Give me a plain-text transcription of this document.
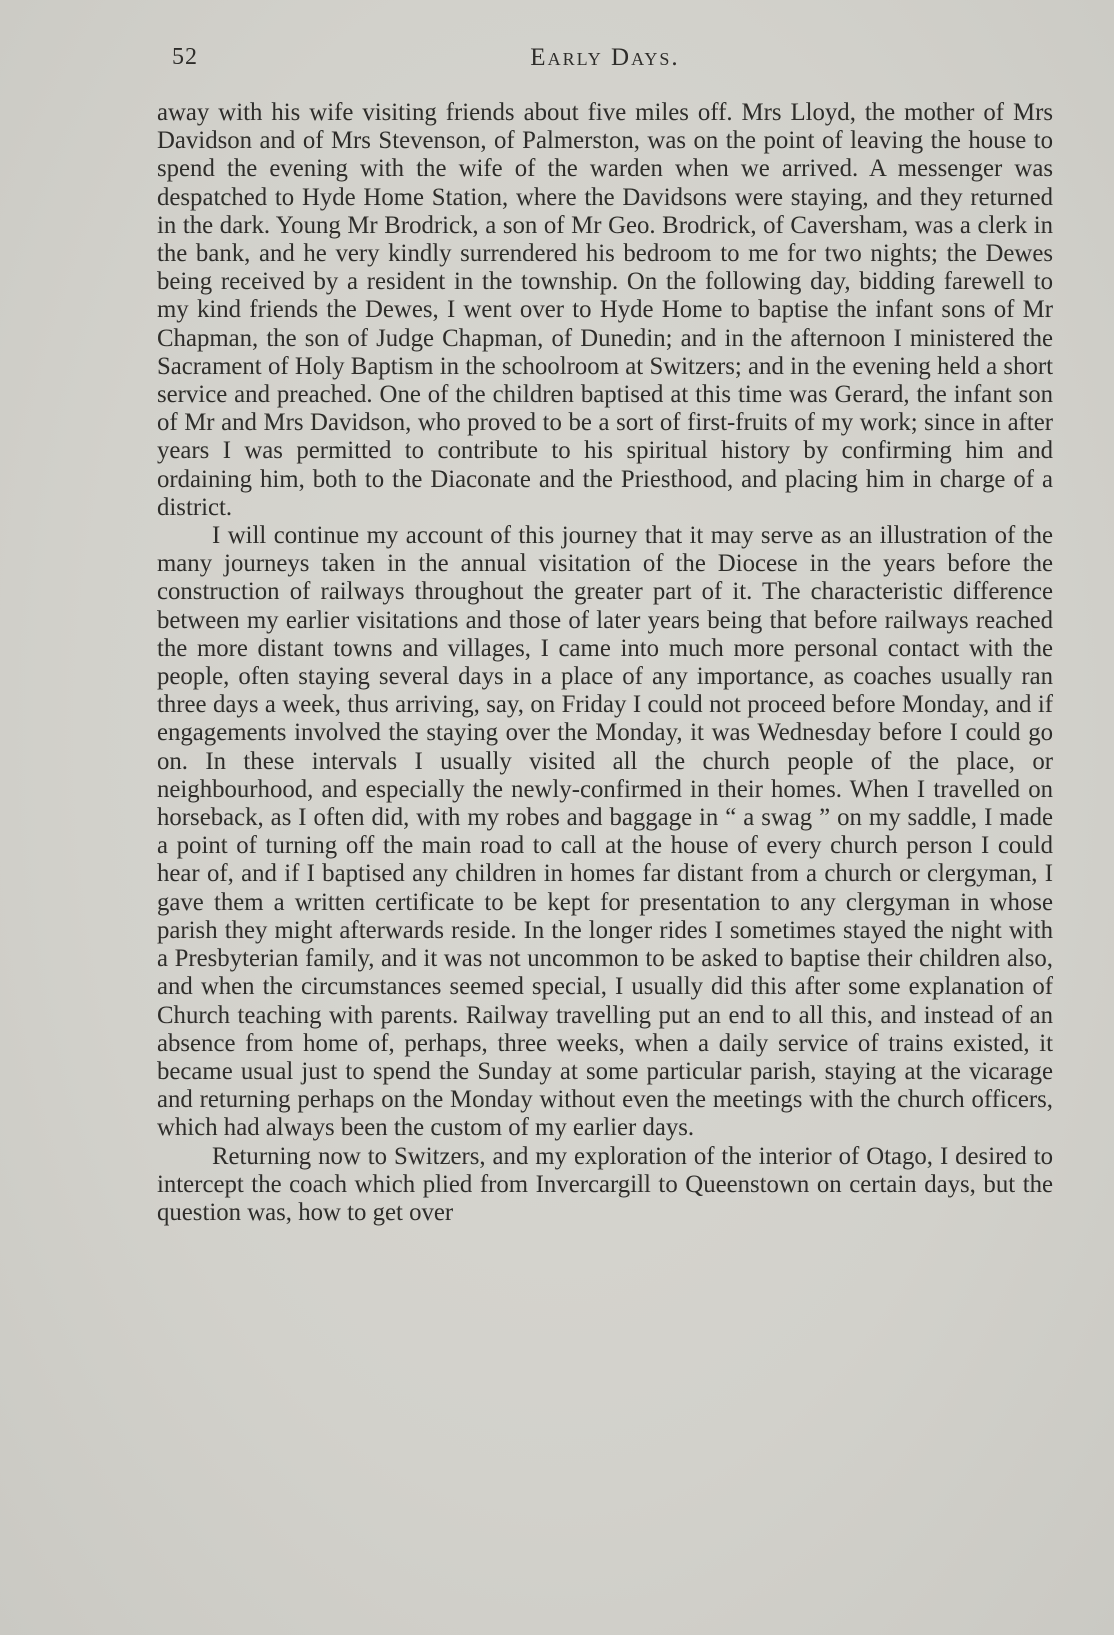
52	Early Days.

away with his wife visiting friends about five miles off. Mrs Lloyd, the mother of Mrs Davidson and of Mrs Stevenson, of Palmerston, was on the point of leaving the house to spend the evening with the wife of the warden when we arrived. A messenger was despatched to Hyde Home Station, where the Davidsons were staying, and they returned in the dark. Young Mr Brodrick, a son of Mr Geo. Brodrick, of Caversham, was a clerk in the bank, and he very kindly surrendered his bedroom to me for two nights; the Dewes being received by a resident in the township. On the following day, bidding farewell to my kind friends the Dewes, I went over to Hyde Home to baptise the infant sons of Mr Chapman, the son of Judge Chapman, of Dunedin; and in the afternoon I ministered the Sacrament of Holy Baptism in the schoolroom at Switzers; and in the evening held a short service and preached. One of the children baptised at this time was Gerard, the infant son of Mr and Mrs Davidson, who proved to be a sort of first-fruits of my work; since in after years I was permitted to contribute to his spiritual history by confirming him and ordaining him, both to the Diaconate and the Priesthood, and placing him in charge of a district.

I will continue my account of this journey that it may serve as an illustration of the many journeys taken in the annual visitation of the Diocese in the years before the construction of railways throughout the greater part of it. The characteristic difference between my earlier visitations and those of later years being that before railways reached the more distant towns and villages, I came into much more personal contact with the people, often staying several days in a place of any importance, as coaches usually ran three days a week, thus arriving, say, on Friday I could not proceed before Monday, and if engagements involved the staying over the Monday, it was Wednesday before I could go on. In these intervals I usually visited all the church people of the place, or neighbourhood, and especially the newly-confirmed in their homes. When I travelled on horseback, as I often did, with my robes and baggage in “ a swag ” on my saddle, I made a point of turning off the main road to call at the house of every church person I could hear of, and if I baptised any children in homes far distant from a church or clergyman, I gave them a written certificate to be kept for presentation to any clergyman in whose parish they might afterwards reside. In the longer rides I sometimes stayed the night with a Presbyterian family, and it was not uncommon to be asked to baptise their children also, and when the circumstances seemed special, I usually did this after some explanation of Church teaching with parents. Railway travelling put an end to all this, and instead of an absence from home of, perhaps, three weeks, when a daily service of trains existed, it became usual just to spend the Sunday at some particular parish, staying at the vicarage and returning perhaps on the Monday without even the meetings with the church officers, which had always been the custom of my earlier days.

Returning now to Switzers, and my exploration of the interior of Otago, I desired to intercept the coach which plied from Invercargill to Queenstown on certain days, but the question was, how to get over
